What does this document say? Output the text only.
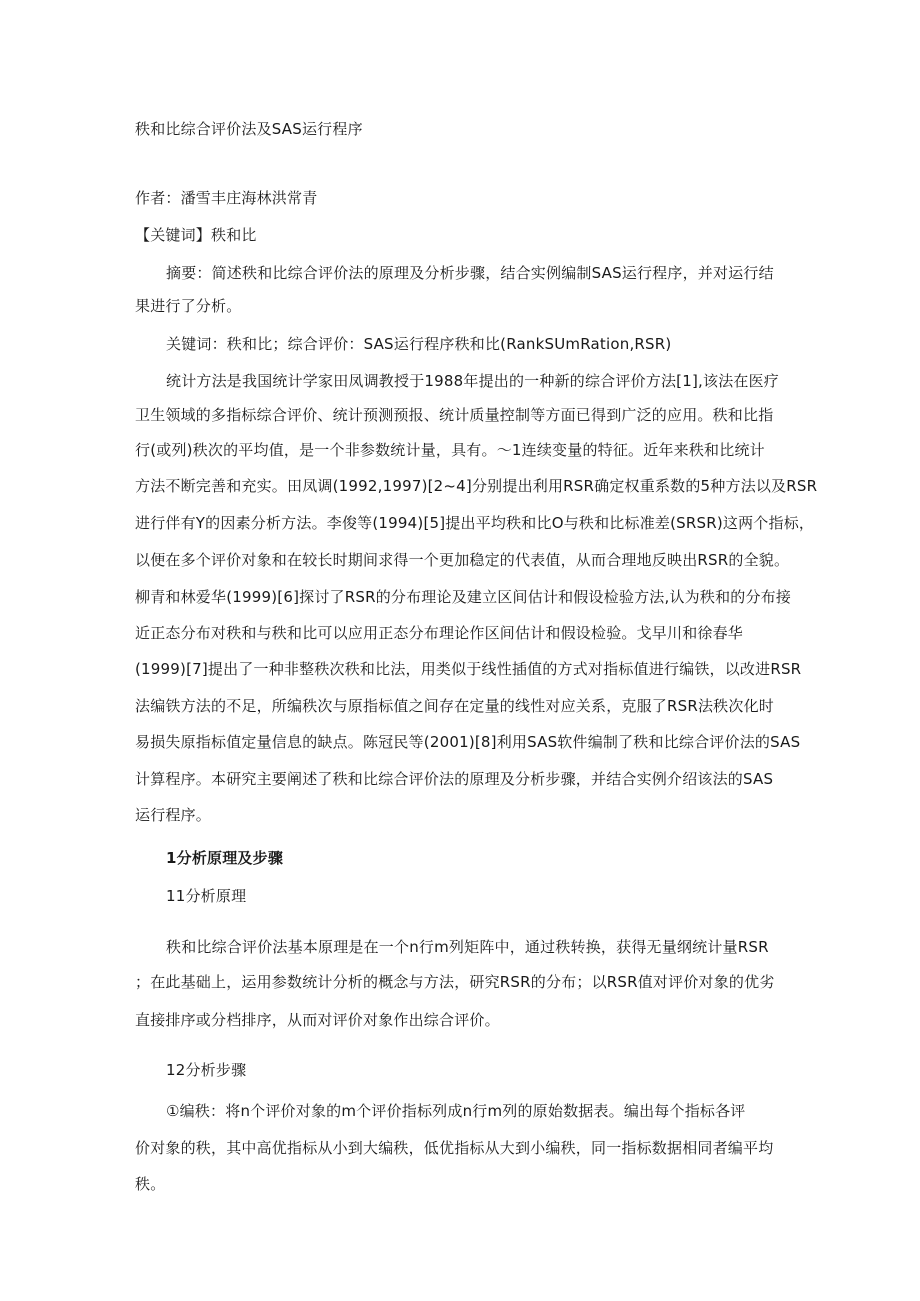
秩和比综合评价法及SAS运行程序
作者：潘雪丰庄海林洪常青
【关键词】秩和比
摘要：简述秩和比综合评价法的原理及分析步骤，结合实例编制SAS运行程序，并对运行结
果进行了分析。
关键词：秩和比；综合评价：SAS运行程序秩和比(RankSUmRation,RSR)
统计方法是我国统计学家田凤调教授于1988年提出的一种新的综合评价方法[1],该法在医疗
卫生领域的多指标综合评价、统计预测预报、统计质量控制等方面已得到广泛的应用。秩和比指
行(或列)秩次的平均值，是一个非参数统计量，具有。～1连续变量的特征。近年来秩和比统计
方法不断完善和充实。田凤调(1992,1997)[2~4]分别提出利用RSR确定权重系数的5种方法以及RSR
进行伴有Y的因素分析方法。李俊等(1994)[5]提出平均秩和比O与秩和比标准差(SRSR)这两个指标，
以便在多个评价对象和在较长时期间求得一个更加稳定的代表值，从而合理地反映出RSR的全貌。
柳青和林爱华(1999)[6]探讨了RSR的分布理论及建立区间估计和假设检验方法,认为秩和的分布接
近正态分布对秩和与秩和比可以应用正态分布理论作区间估计和假设检验。戈早川和徐春华
(1999)[7]提出了一种非整秩次秩和比法，用类似于线性插值的方式对指标值进行编铁，以改进RSR
法编铁方法的不足，所编秩次与原指标值之间存在定量的线性对应关系，克服了RSR法秩次化时
易损失原指标值定量信息的缺点。陈冠民等(2001)[8]利用SAS软件编制了秩和比综合评价法的SAS
计算程序。本研究主要阐述了秩和比综合评价法的原理及分析步骤，并结合实例介绍该法的SAS
运行程序。
1分析原理及步骤
11分析原理
秩和比综合评价法基本原理是在一个n行m列矩阵中，通过秩转换，获得无量纲统计量RSR
；在此基础上，运用参数统计分析的概念与方法，研究RSR的分布；以RSR值对评价对象的优劣
直接排序或分档排序，从而对评价对象作出综合评价。
12分析步骤
①编秩：将n个评价对象的m个评价指标列成n行m列的原始数据表。编出每个指标各评
价对象的秩，其中高优指标从小到大编秩，低优指标从大到小编秩，同一指标数据相同者编平均
秩。
